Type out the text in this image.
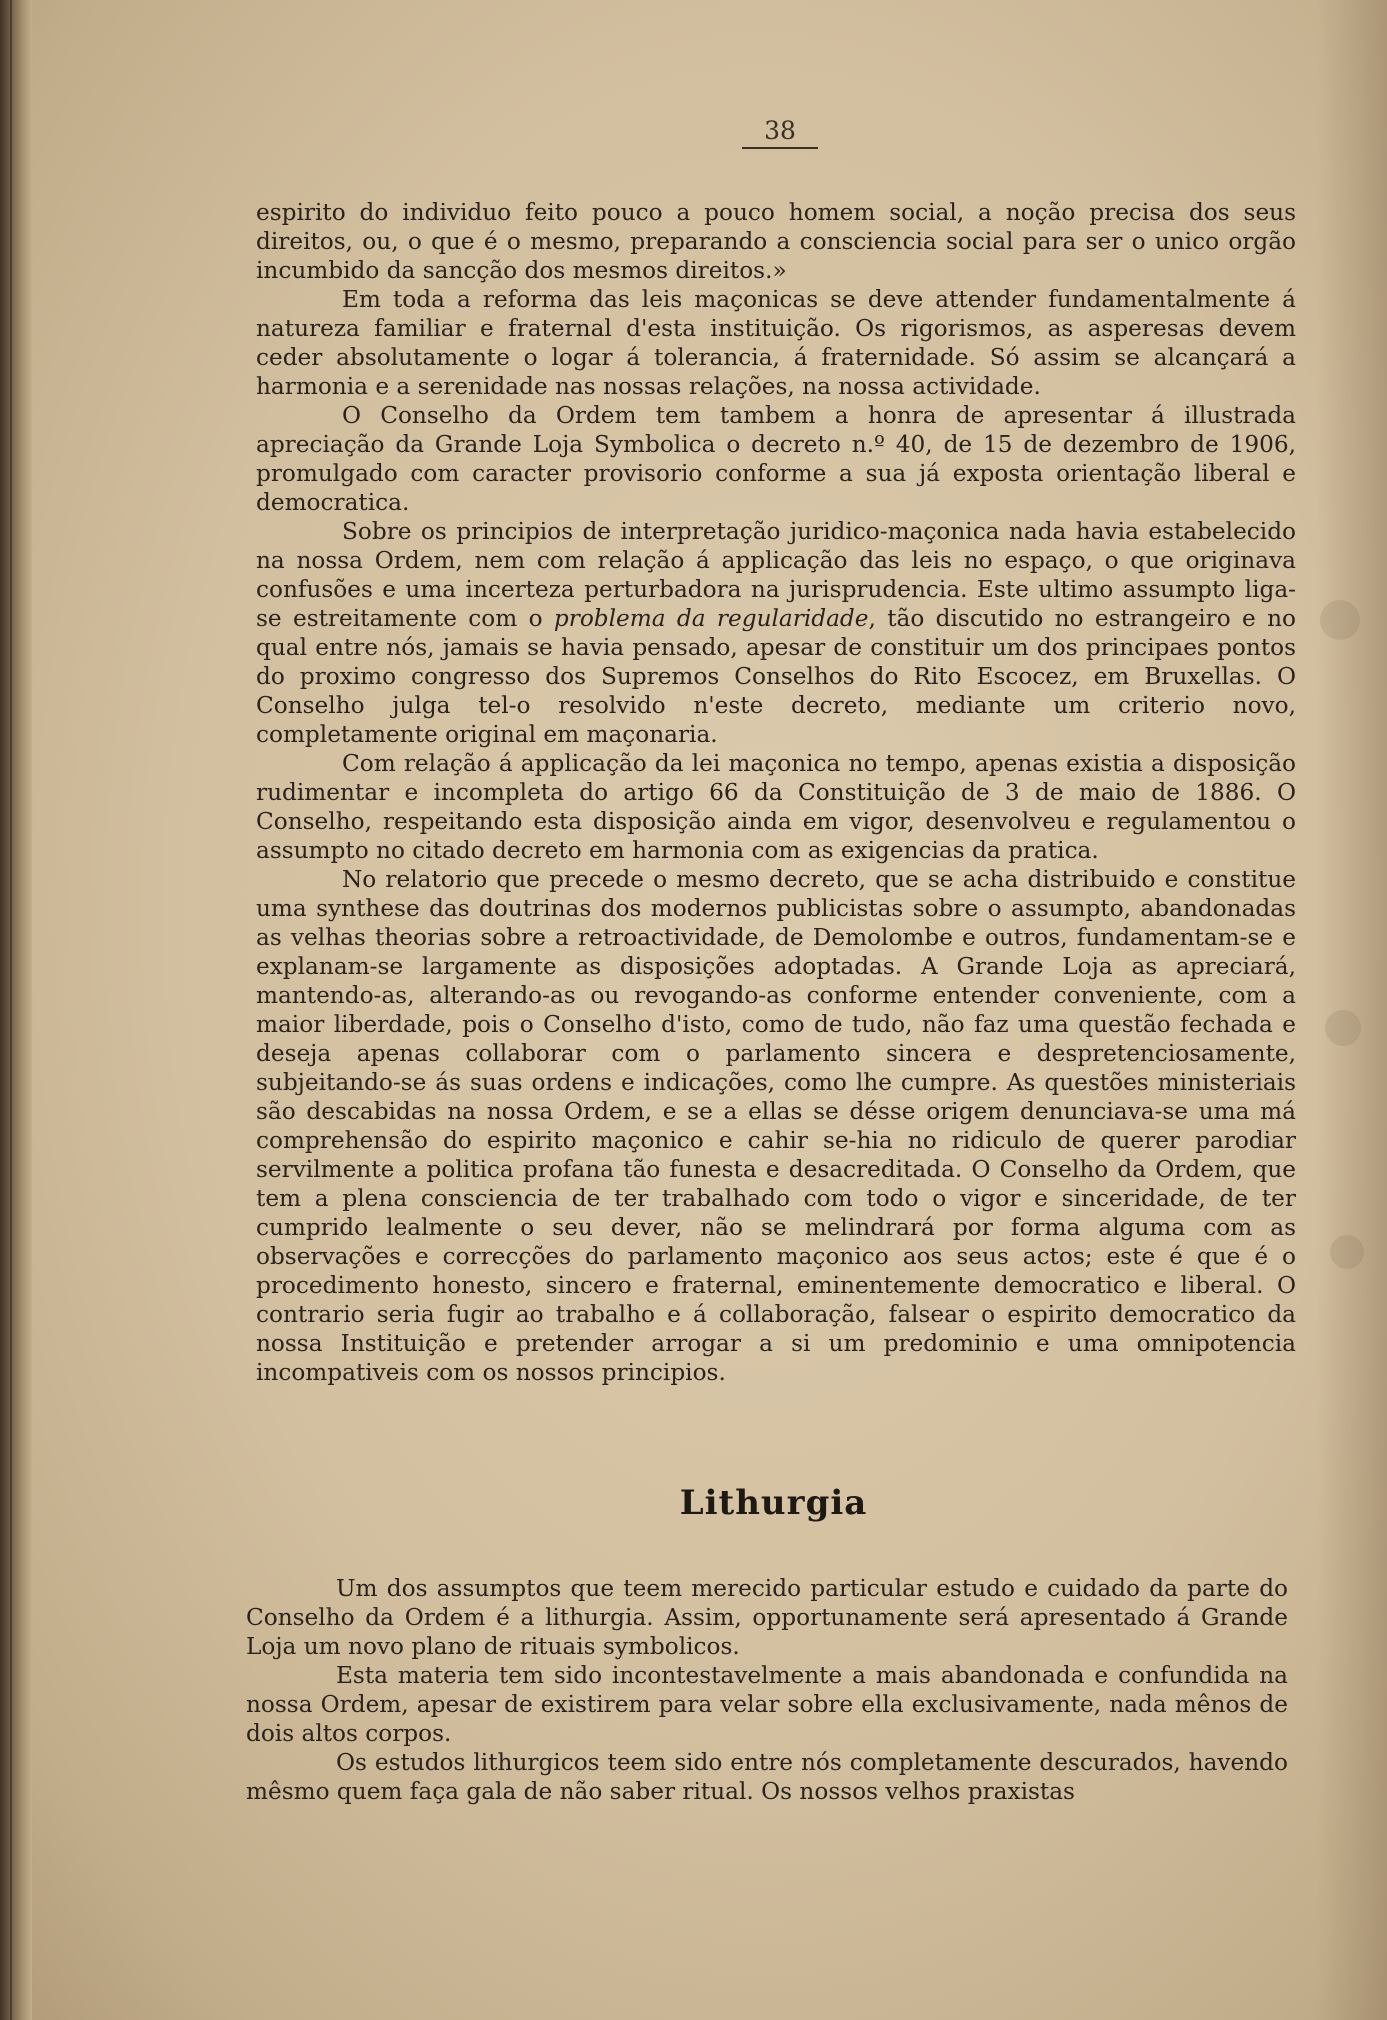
38

espirito do individuo feito pouco a pouco homem social, a noção precisa dos seus direitos, ou, o que é o mesmo, preparando a consciencia social para ser o unico orgão incumbido da sancção dos mesmos direitos.»

Em toda a reforma das leis maçonicas se deve attender fundamentalmente á natureza familiar e fraternal d'esta instituição. Os rigorismos, as asperesas devem ceder absolutamente o logar á tolerancia, á fraternidade. Só assim se alcançará a harmonia e a serenidade nas nossas relações, na nossa actividade.

O Conselho da Ordem tem tambem a honra de apresentar á illustrada apreciação da Grande Loja Symbolica o decreto n.º 40, de 15 de dezembro de 1906, promulgado com caracter provisorio conforme a sua já exposta orientação liberal e democratica.

Sobre os principios de interpretação juridico-maçonica nada havia estabelecido na nossa Ordem, nem com relação á applicação das leis no espaço, o que originava confusões e uma incerteza perturbadora na jurisprudencia. Este ultimo assumpto liga-se estreitamente com o problema da regularidade, tão discutido no estrangeiro e no qual entre nós, jamais se havia pensado, apesar de constituir um dos principaes pontos do proximo congresso dos Supremos Conselhos do Rito Escocez, em Bruxellas. O Conselho julga tel-o resolvido n'este decreto, mediante um criterio novo, completamente original em maçonaria.

Com relação á applicação da lei maçonica no tempo, apenas existia a disposição rudimentar e incompleta do artigo 66 da Constituição de 3 de maio de 1886. O Conselho, respeitando esta disposição ainda em vigor, desenvolveu e regulamentou o assumpto no citado decreto em harmonia com as exigencias da pratica.

No relatorio que precede o mesmo decreto, que se acha distribuido e constitue uma synthese das doutrinas dos modernos publicistas sobre o assumpto, abandonadas as velhas theorias sobre a retroactividade, de Demolombe e outros, fundamentam-se e explanam-se largamente as disposições adoptadas. A Grande Loja as apreciará, mantendo-as, alterando-as ou revogando-as conforme entender conveniente, com a maior liberdade, pois o Conselho d'isto, como de tudo, não faz uma questão fechada e deseja apenas collaborar com o parlamento sincera e despretenciosamente, subjeitando-se ás suas ordens e indicações, como lhe cumpre. As questões ministeriais são descabidas na nossa Ordem, e se a ellas se désse origem denunciava-se uma má comprehensão do espirito maçonico e cahir se-hia no ridiculo de querer parodiar servilmente a politica profana tão funesta e desacreditada. O Conselho da Ordem, que tem a plena consciencia de ter trabalhado com todo o vigor e sinceridade, de ter cumprido lealmente o seu dever, não se melindrará por forma alguma com as observações e correcções do parlamento maçonico aos seus actos; este é que é o procedimento honesto, sincero e fraternal, eminentemente democratico e liberal. O contrario seria fugir ao trabalho e á collaboração, falsear o espirito democratico da nossa Instituição e pretender arrogar a si um predominio e uma omnipotencia incompativeis com os nossos principios.

Lithurgia

Um dos assumptos que teem merecido particular estudo e cuidado da parte do Conselho da Ordem é a lithurgia. Assim, opportunamente será apresentado á Grande Loja um novo plano de rituais symbolicos.

Esta materia tem sido incontestavelmente a mais abandonada e confundida na nossa Ordem, apesar de existirem para velar sobre ella exclusivamente, nada mênos de dois altos corpos.

Os estudos lithurgicos teem sido entre nós completamente descurados, havendo mêsmo quem faça gala de não saber ritual. Os nossos velhos praxistas
